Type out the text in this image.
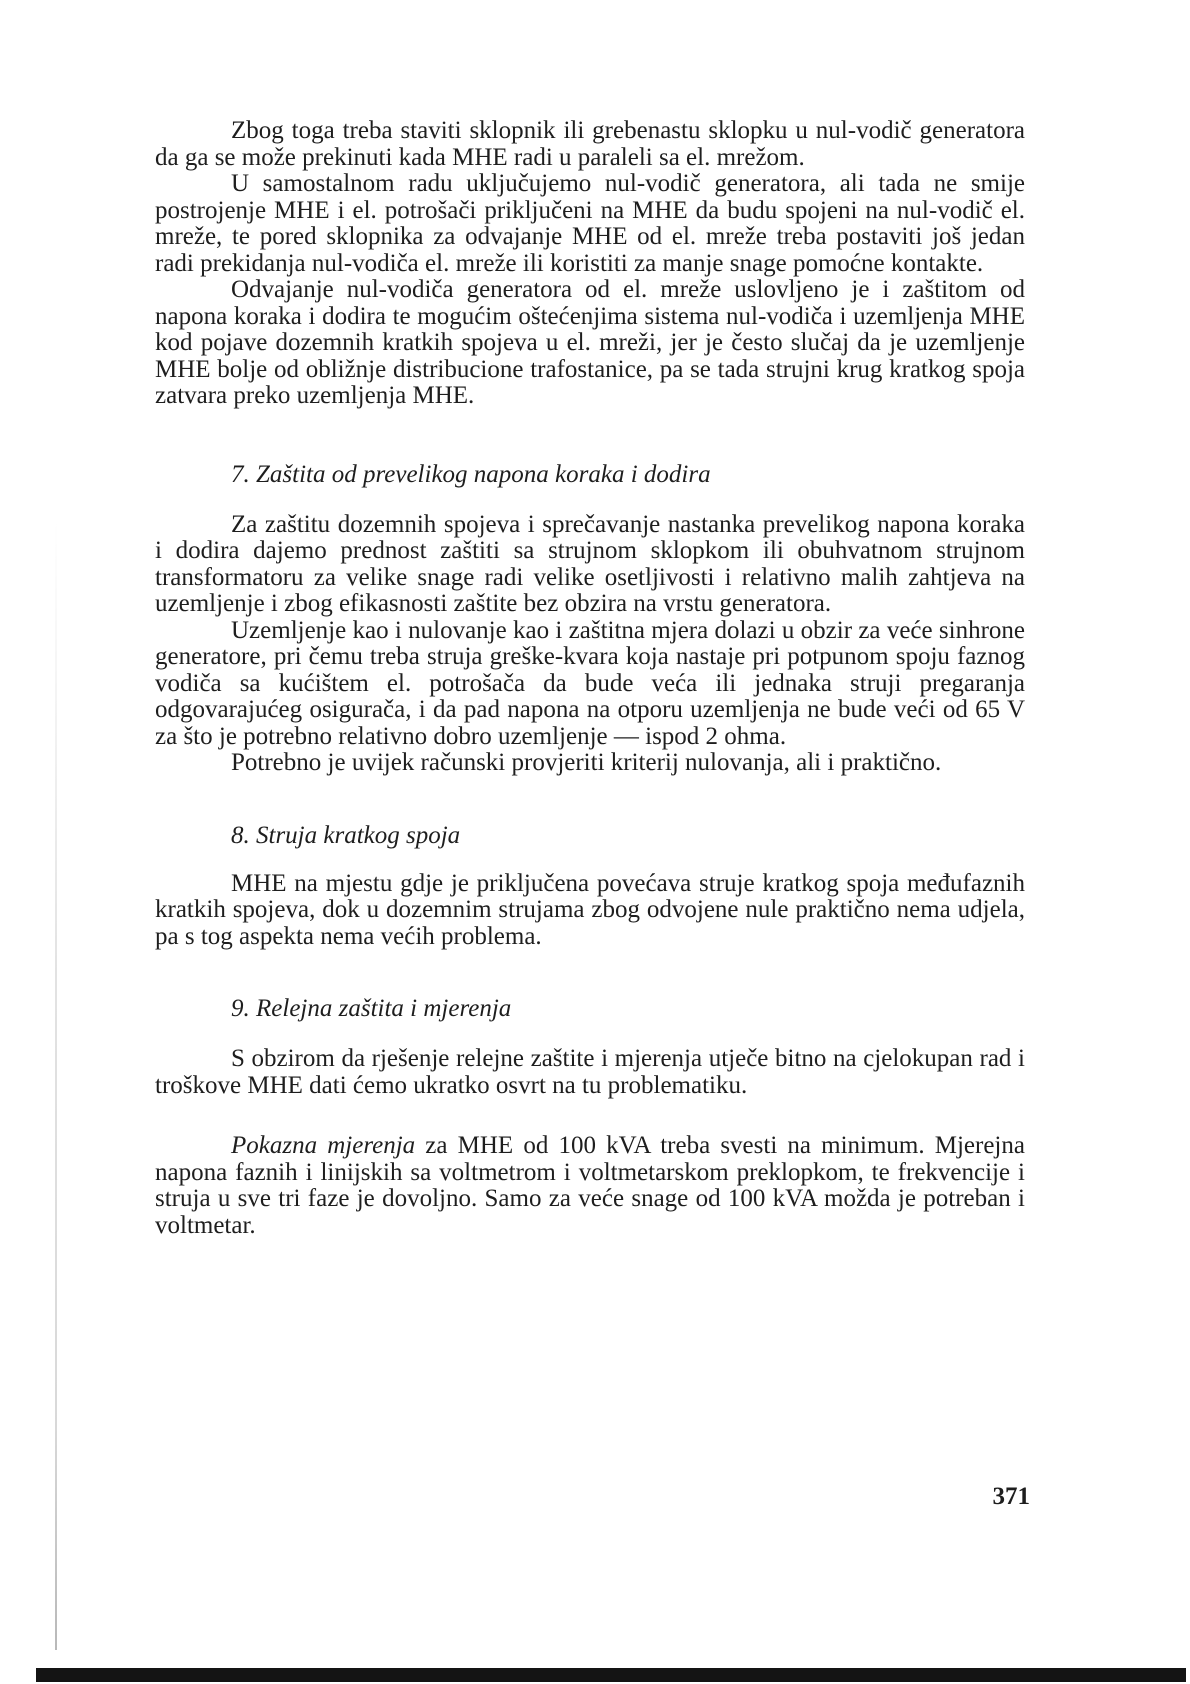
Zbog toga treba staviti sklopnik ili grebenastu sklopku u nul-vodič generatora da ga se može prekinuti kada MHE radi u paraleli sa el. mrežom.

U samostalnom radu uključujemo nul-vodič generatora, ali tada ne smije postrojenje MHE i el. potrošači priključeni na MHE da budu spojeni na nul-vodič el. mreže, te pored sklopnika za odvajanje MHE od el. mreže treba postaviti još jedan radi prekidanja nul-vodiča el. mreže ili koristiti za manje snage pomoćne kontakte.

Odvajanje nul-vodiča generatora od el. mreže uslovljeno je i zaštitom od napona koraka i dodira te mogućim oštećenjima sistema nul-vodiča i uzemljenja MHE kod pojave dozemnih kratkih spojeva u el. mreži, jer je često slučaj da je uzemljenje MHE bolje od obližnje distribucione trafostanice, pa se tada strujni krug kratkog spoja zatvara preko uzemljenja MHE.

7. Zaštita od prevelikog napona koraka i dodira

Za zaštitu dozemnih spojeva i sprečavanje nastanka prevelikog napona koraka i dodira dajemo prednost zaštiti sa strujnom sklopkom ili obuhvatnom strujnom transformatoru za velike snage radi velike osetljivosti i relativno malih zahtjeva na uzemljenje i zbog efikasnosti zaštite bez obzira na vrstu generatora.

Uzemljenje kao i nulovanje kao i zaštitna mjera dolazi u obzir za veće sinhrone generatore, pri čemu treba struja greške-kvara koja nastaje pri potpunom spoju faznog vodiča sa kućištem el. potrošača da bude veća ili jednaka struji pregaranja odgovarajućeg osigurača, i da pad napona na otporu uzemljenja ne bude veći od 65 V za što je potrebno relativno dobro uzemljenje — ispod 2 ohma.

Potrebno je uvijek računski provjeriti kriterij nulovanja, ali i praktično.

8. Struja kratkog spoja

MHE na mjestu gdje je priključena povećava struje kratkog spoja međufaznih kratkih spojeva, dok u dozemnim strujama zbog odvojene nule praktično nema udjela, pa s tog aspekta nema većih problema.

9. Relejna zaštita i mjerenja

S obzirom da rješenje relejne zaštite i mjerenja utječe bitno na cjelokupan rad i troškove MHE dati ćemo ukratko osvrt na tu problematiku.

Pokazna mjerenja za MHE od 100 kVA treba svesti na minimum. Mjerejna napona faznih i linijskih sa voltmetrom i voltmetarskom preklopkom, te frekvencije i struja u sve tri faze je dovoljno. Samo za veće snage od 100 kVA možda je potreban i voltmetar.

371
